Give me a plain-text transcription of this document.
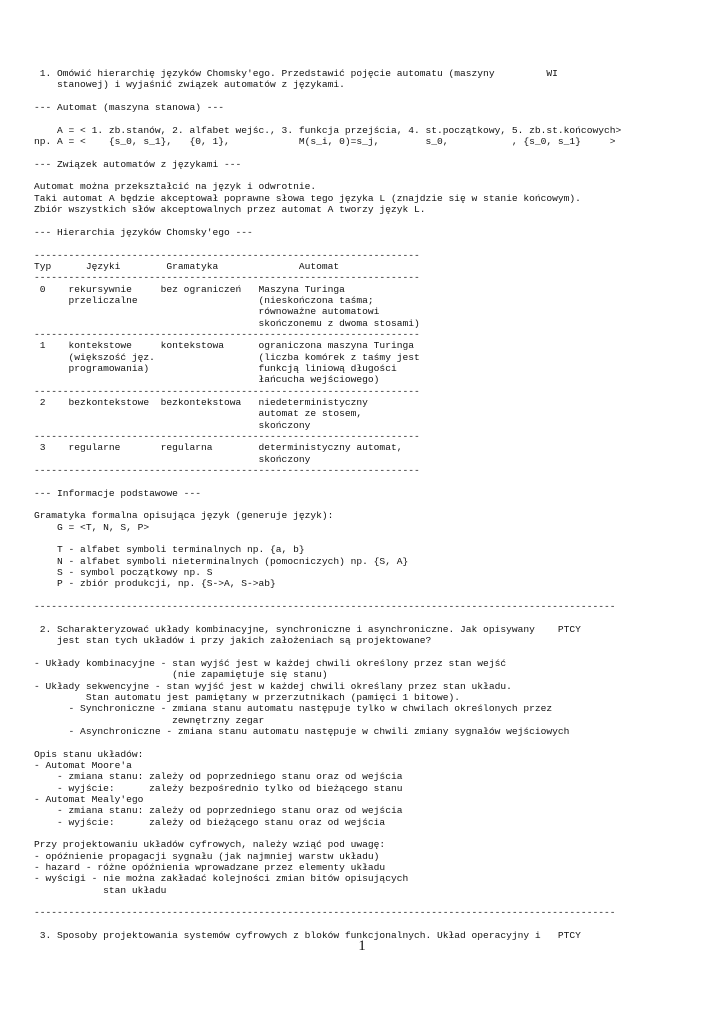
1. Omówić hierarchię języków Chomsky'ego. Przedstawić pojęcie automatu (maszyny         WI
stanowej) i wyjaśnić związek automatów z językami.
--- Automat (maszyna stanowa) ---
A = < 1. zb.stanów, 2. alfabet wejśc., 3. funkcja przejścia, 4. st.początkowy, 5. zb.st.końcowych>
np. A = <    {s_0, s_1},   {0, 1},            M(s_i, 0)=s_j,        s_0,           , {s_0, s_1}     >
--- Związek automatów z językami ---
Automat można przekształcić na język i odwrotnie.
Taki automat A będzie akceptował poprawne słowa tego języka L (znajdzie się w stanie końcowym).
Zbiór wszystkich słów akceptowalnych przez automat A tworzy język L.
--- Hierarchia języków Chomsky'ego ---
-------------------------------------------------------------------
Typ      Języki        Gramatyka              Automat
-------------------------------------------------------------------
0    rekursywnie     bez ograniczeń   Maszyna Turinga
przeliczalne                     (nieskończona taśma;
równoważne automatowi
skończonemu z dwoma stosami)
-------------------------------------------------------------------
1    kontekstowe     kontekstowa      ograniczona maszyna Turinga
(większość jęz.                  (liczba komórek z taśmy jest
programowania)                   funkcją liniową długości
łańcucha wejściowego)
-------------------------------------------------------------------
2    bezkontekstowe  bezkontekstowa   niedeterministyczny
automat ze stosem,
skończony
-------------------------------------------------------------------
3    regularne       regularna        deterministyczny automat,
skończony
-------------------------------------------------------------------
--- Informacje podstawowe ---
Gramatyka formalna opisująca język (generuje język):
G = <T, N, S, P>
T - alfabet symboli terminalnych np. {a, b}
N - alfabet symboli nieterminalnych (pomocniczych) np. {S, A}
S - symbol początkowy np. S
P - zbiór produkcji, np. {S->A, S->ab}
-----------------------------------------------------------------------------------------------------
2. Scharakteryzować układy kombinacyjne, synchroniczne i asynchroniczne. Jak opisywany    PTCY
jest stan tych układów i przy jakich założeniach są projektowane?
- Układy kombinacyjne - stan wyjść jest w każdej chwili określony przez stan wejść
(nie zapamiętuje się stanu)
- Układy sekwencyjne - stan wyjść jest w każdej chwili określany przez stan układu.
Stan automatu jest pamiętany w przerzutnikach (pamięci 1 bitowe).
- Synchroniczne - zmiana stanu automatu następuje tylko w chwilach określonych przez
zewnętrzny zegar
- Asynchroniczne - zmiana stanu automatu następuje w chwili zmiany sygnałów wejściowych
Opis stanu układów:
- Automat Moore'a
- zmiana stanu: zależy od poprzedniego stanu oraz od wejścia
- wyjście:      zależy bezpośrednio tylko od bieżącego stanu
- Automat Mealy'ego
- zmiana stanu: zależy od poprzedniego stanu oraz od wejścia
- wyjście:      zależy od bieżącego stanu oraz od wejścia
Przy projektowaniu układów cyfrowych, należy wziąć pod uwagę:
- opóźnienie propagacji sygnału (jak najmniej warstw układu)
- hazard - różne opóźnienia wprowadzane przez elementy układu
- wyścigi - nie można zakładać kolejności zmian bitów opisujących
stan układu
-----------------------------------------------------------------------------------------------------
3. Sposoby projektowania systemów cyfrowych z bloków funkcjonalnych. Układ operacyjny i   PTCY
1
